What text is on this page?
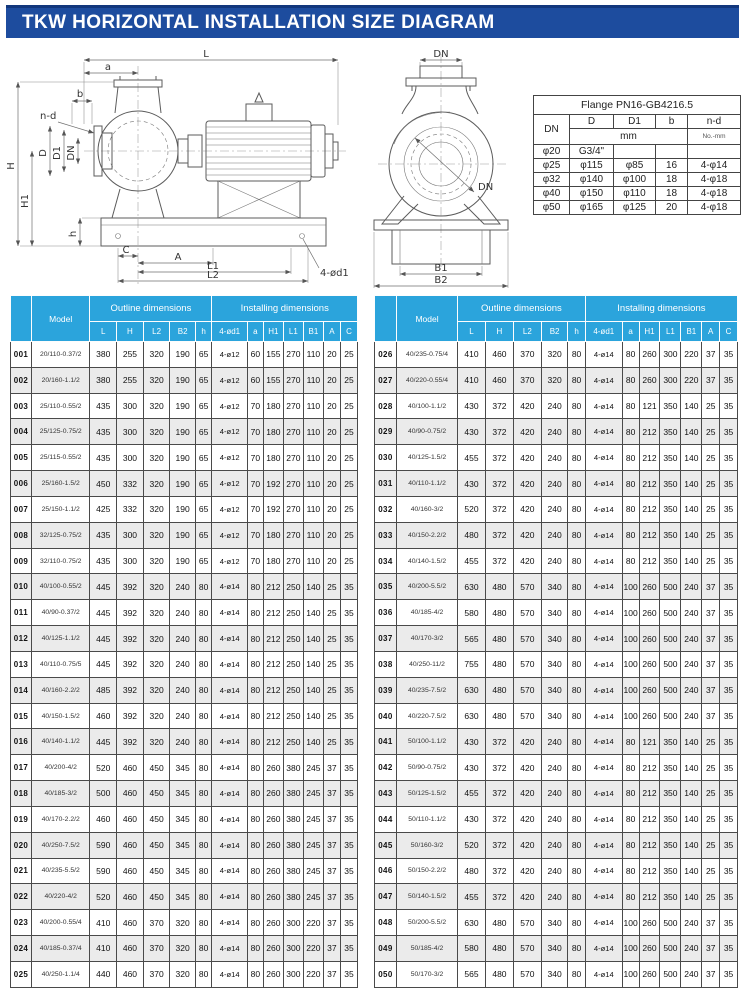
TKW HORIZONTAL INSTALLATION SIZE DIAGRAM
L
a
b
n-d
D D1 DN
H
H1
h
C
A
L1
L2	4-ød1
DN
DN
B1
B2
Flange PN16-GB4216.5				
DN	D	D1	b	n-d
	mm			No.-mm
φ20	G3/4"			
φ25	φ115	φ85	16	4-φ14
φ32	φ140	φ100	18	4-φ18
φ40	φ150	φ110	18	4-φ18
φ50	φ165	φ125	20	4-φ18
	Model	Outline dimensions					Installing dimensions						
		L	H	L2	B2	h	4-ød1	a	H1	L1	B1	A	C
001	20/110-0.37/2	380	255	320	190	65	4-ø12	60	155	270	110	20	25
002	20/160-1.1/2	380	255	320	190	65	4-ø12	60	155	270	110	20	25
003	25/110-0.55/2	435	300	320	190	65	4-ø12	70	180	270	110	20	25
004	25/125-0.75/2	435	300	320	190	65	4-ø12	70	180	270	110	20	25
005	25/115-0.55/2	435	300	320	190	65	4-ø12	70	180	270	110	20	25
006	25/160-1.5/2	450	332	320	190	65	4-ø12	70	192	270	110	20	25
007	25/150-1.1/2	425	332	320	190	65	4-ø12	70	192	270	110	20	25
008	32/125-0.75/2	435	300	320	190	65	4-ø12	70	180	270	110	20	25
009	32/110-0.75/2	435	300	320	190	65	4-ø12	70	180	270	110	20	25
010	40/100-0.55/2	445	392	320	240	80	4-ø14	80	212	250	140	25	35
011	40/90-0.37/2	445	392	320	240	80	4-ø14	80	212	250	140	25	35
012	40/125-1.1/2	445	392	320	240	80	4-ø14	80	212	250	140	25	35
013	40/110-0.75/5	445	392	320	240	80	4-ø14	80	212	250	140	25	35
014	40/160-2.2/2	485	392	320	240	80	4-ø14	80	212	250	140	25	35
015	40/150-1.5/2	460	392	320	240	80	4-ø14	80	212	250	140	25	35
016	40/140-1.1/2	445	392	320	240	80	4-ø14	80	212	250	140	25	35
017	40/200-4/2	520	460	450	345	80	4-ø14	80	260	380	245	37	35
018	40/185-3/2	500	460	450	345	80	4-ø14	80	260	380	245	37	35
019	40/170-2.2/2	460	460	450	345	80	4-ø14	80	260	380	245	37	35
020	40/250-7.5/2	590	460	450	345	80	4-ø14	80	260	380	245	37	35
021	40/235-5.5/2	590	460	450	345	80	4-ø14	80	260	380	245	37	35
022	40/220-4/2	520	460	450	345	80	4-ø14	80	260	380	245	37	35
023	40/200-0.55/4	410	460	370	320	80	4-ø14	80	260	300	220	37	35
024	40/185-0.37/4	410	460	370	320	80	4-ø14	80	260	300	220	37	35
025	40/250-1.1/4	440	460	370	320	80	4-ø14	80	260	300	220	37	35
	Model	Outline dimensions					Installing dimensions						
		L	H	L2	B2	h	4-ød1	a	H1	L1	B1	A	C
026	40/235-0.75/4	410	460	370	320	80	4-ø14	80	260	300	220	37	35
027	40/220-0.55/4	410	460	370	320	80	4-ø14	80	260	300	220	37	35
028	40/100-1.1/2	430	372	420	240	80	4-ø14	80	121	350	140	25	35
029	40/90-0.75/2	430	372	420	240	80	4-ø14	80	212	350	140	25	35
030	40/125-1.5/2	455	372	420	240	80	4-ø14	80	212	350	140	25	35
031	40/110-1.1/2	430	372	420	240	80	4-ø14	80	212	350	140	25	35
032	40/160-3/2	520	372	420	240	80	4-ø14	80	212	350	140	25	35
033	40/150-2.2/2	480	372	420	240	80	4-ø14	80	212	350	140	25	35
034	40/140-1.5/2	455	372	420	240	80	4-ø14	80	212	350	140	25	35
035	40/200-5.5/2	630	480	570	340	80	4-ø14	100	260	500	240	37	35
036	40/185-4/2	580	480	570	340	80	4-ø14	100	260	500	240	37	35
037	40/170-3/2	565	480	570	340	80	4-ø14	100	260	500	240	37	35
038	40/250-11/2	755	480	570	340	80	4-ø14	100	260	500	240	37	35
039	40/235-7.5/2	630	480	570	340	80	4-ø14	100	260	500	240	37	35
040	40/220-7.5/2	630	480	570	340	80	4-ø14	100	260	500	240	37	35
041	50/100-1.1/2	430	372	420	240	80	4-ø14	80	121	350	140	25	35
042	50/90-0.75/2	430	372	420	240	80	4-ø14	80	212	350	140	25	35
043	50/125-1.5/2	455	372	420	240	80	4-ø14	80	212	350	140	25	35
044	50/110-1.1/2	430	372	420	240	80	4-ø14	80	212	350	140	25	35
045	50/160-3/2	520	372	420	240	80	4-ø14	80	212	350	140	25	35
046	50/150-2.2/2	480	372	420	240	80	4-ø14	80	212	350	140	25	35
047	50/140-1.5/2	455	372	420	240	80	4-ø14	80	212	350	140	25	35
048	50/200-5.5/2	630	480	570	340	80	4-ø14	100	260	500	240	37	35
049	50/185-4/2	580	480	570	340	80	4-ø14	100	260	500	240	37	35
050	50/170-3/2	565	480	570	340	80	4-ø14	100	260	500	240	37	35
